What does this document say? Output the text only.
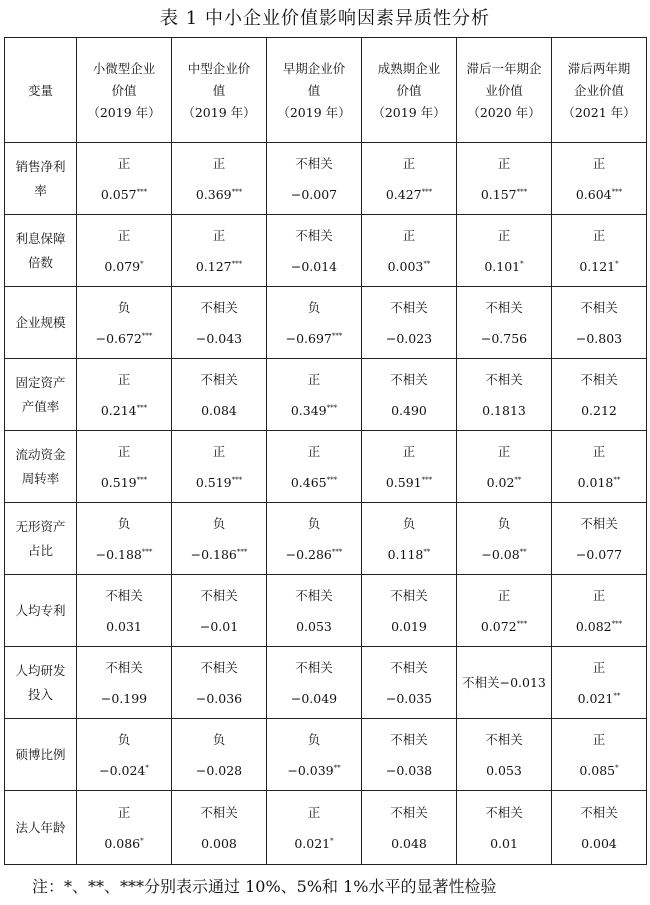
表 1 中小企业价值影响因素异质性分析
变量	小微型企业
价值
（2019 年）	中型企业价
值
（2019 年）	早期企业价
值
（2019 年）	成熟期企业
价值
（2019 年）	滞后一年期企
业价值
（2020 年）	滞后两年期
企业价值
（2021 年）

销售净利
率	正
0.057***	正
0.369***	不相关
−0.007	正
0.427***	正
0.157***	正
0.604***

利息保障
倍数	正
0.079*	正
0.127***	不相关
−0.014	正
0.003**	正
0.101*	正
0.121*

企业规模	负
−0.672***	不相关
−0.043	负
−0.697***	不相关
−0.023	不相关
−0.756	不相关
−0.803

固定资产
产值率	正
0.214***	不相关
0.084	正
0.349***	不相关
0.490	不相关
0.1813	不相关
0.212

流动资金
周转率	正
0.519***	正
0.519***	正
0.465***	正
0.591***	正
0.02**	正
0.018**

无形资产
占比	负
−0.188***	负
−0.186***	负
−0.286***	负
0.118**	负
−0.08**	不相关
−0.077

人均专利	不相关
0.031	不相关
−0.01	不相关
0.053	不相关
0.019	正
0.072***	正
0.082***

人均研发
投入	不相关
−0.199	不相关
−0.036	不相关
−0.049	不相关
−0.035	不相关−0.013	正
0.021**

硕博比例	负
−0.024*	负
−0.028	负
−0.039**	不相关
−0.038	不相关
0.053	正
0.085*

法人年龄	正
0.086*	不相关
0.008	正
0.021*	不相关
0.048	不相关
0.01	不相关
0.004
注：*、**、***分别表示通过 10%、5%和 1%水平的显著性检验
